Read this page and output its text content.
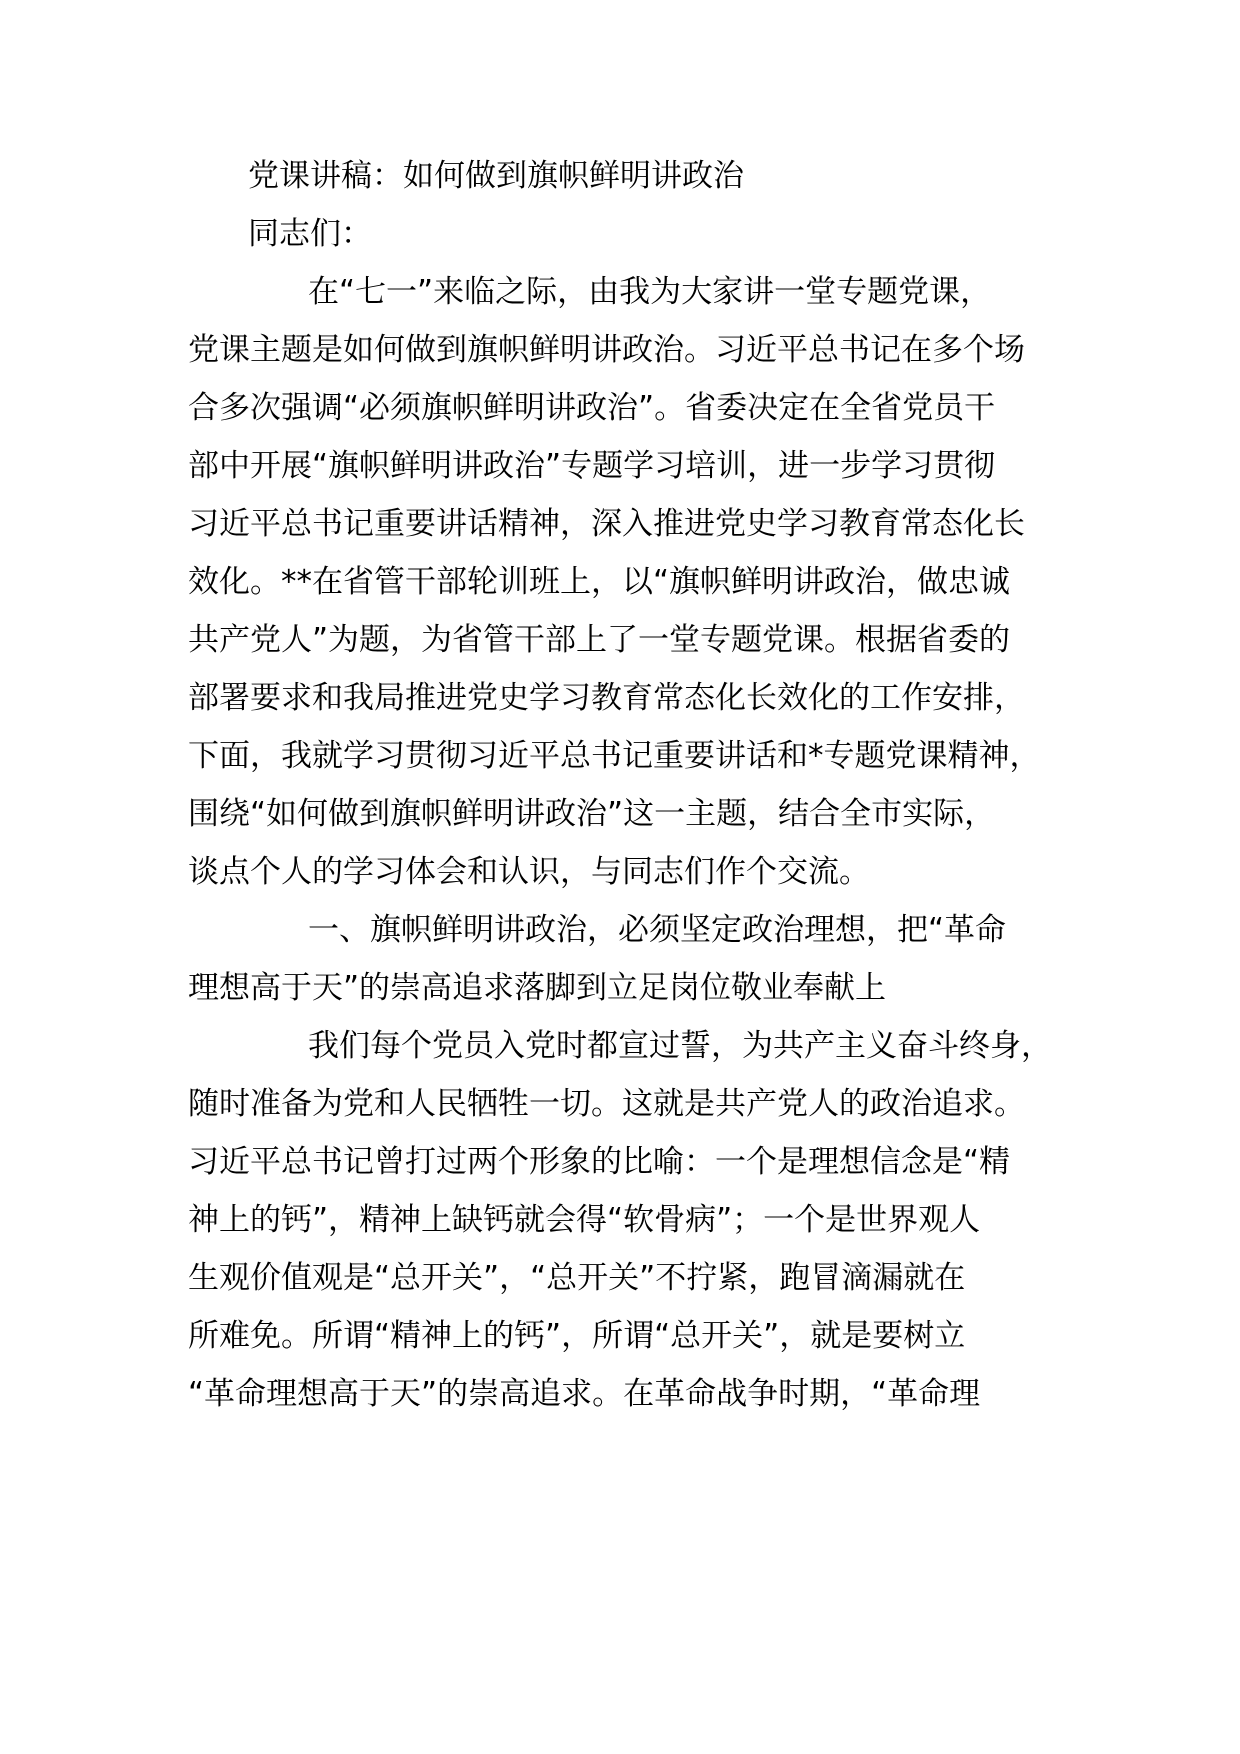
党课讲稿：如何做到旗帜鲜明讲政治
同志们：
在“七一”来临之际，由我为大家讲一堂专题党课，
党课主题是如何做到旗帜鲜明讲政治。习近平总书记在多个场
合多次强调“必须旗帜鲜明讲政治”。省委决定在全省党员干
部中开展“旗帜鲜明讲政治”专题学习培训，进一步学习贯彻
习近平总书记重要讲话精神，深入推进党史学习教育常态化长
效化。**在省管干部轮训班上，以“旗帜鲜明讲政治，做忠诚
共产党人”为题，为省管干部上了一堂专题党课。根据省委的
部署要求和我局推进党史学习教育常态化长效化的工作安排，
下面，我就学习贯彻习近平总书记重要讲话和*专题党课精神，
围绕“如何做到旗帜鲜明讲政治”这一主题，结合全市实际，
谈点个人的学习体会和认识，与同志们作个交流。
一、旗帜鲜明讲政治，必须坚定政治理想，把“革命
理想高于天”的崇高追求落脚到立足岗位敬业奉献上
我们每个党员入党时都宣过誓，为共产主义奋斗终身，
随时准备为党和人民牺牲一切。这就是共产党人的政治追求。
习近平总书记曾打过两个形象的比喻：一个是理想信念是“精
神上的钙”，精神上缺钙就会得“软骨病”；一个是世界观人
生观价值观是“总开关”，“总开关”不拧紧，跑冒滴漏就在
所难免。所谓“精神上的钙”，所谓“总开关”，就是要树立
“革命理想高于天”的崇高追求。在革命战争时期，“革命理
